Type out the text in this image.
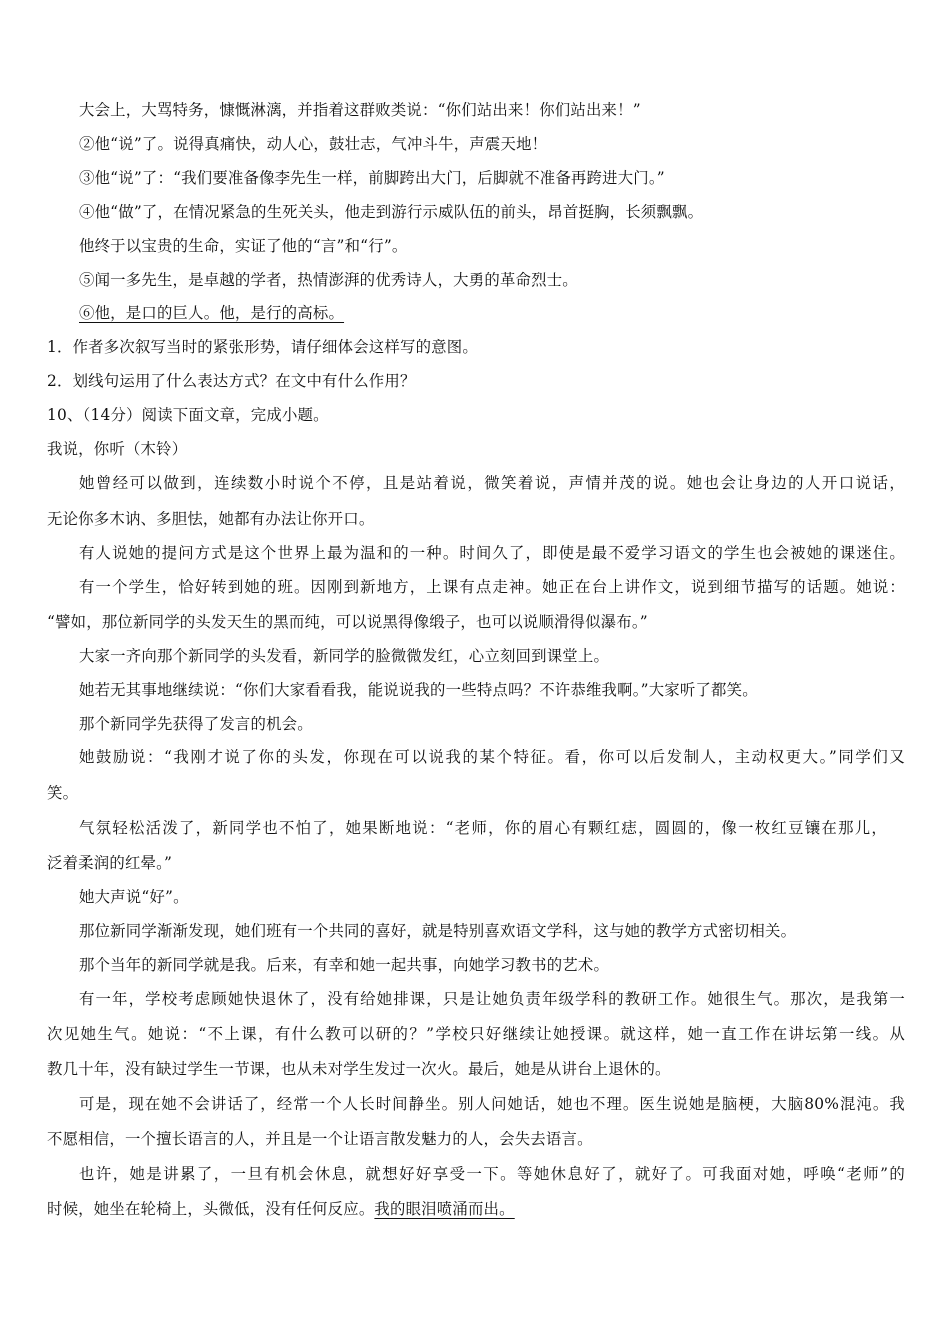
大会上，大骂特务，慷慨淋漓，并指着这群败类说：“你们站出来！你们站出来！”
②他“说”了。说得真痛快，动人心，鼓壮志，气冲斗牛，声震天地！
③他“说”了：“我们要准备像李先生一样，前脚跨出大门，后脚就不准备再跨进大门。”
④他“做”了，在情况紧急的生死关头，他走到游行示威队伍的前头，昂首挺胸，长须飘飘。
他终于以宝贵的生命，实证了他的“言”和“行”。
⑤闻一多先生，是卓越的学者，热情澎湃的优秀诗人，大勇的革命烈士。
⑥他，是口的巨人。他，是行的高标。
1．作者多次叙写当时的紧张形势，请仔细体会这样写的意图。
2．划线句运用了什么表达方式？在文中有什么作用？
10、（14分）阅读下面文章，完成小题。
我说，你听（木铃）
她曾经可以做到，连续数小时说个不停，且是站着说，微笑着说，声情并茂的说。她也会让身边的人开口说话，
无论你多木讷、多胆怯，她都有办法让你开口。
有人说她的提问方式是这个世界上最为温和的一种。时间久了，即使是最不爱学习语文的学生也会被她的课迷住。
有一个学生，恰好转到她的班。因刚到新地方，上课有点走神。她正在台上讲作文，说到细节描写的话题。她说：
“譬如，那位新同学的头发天生的黑而纯，可以说黑得像缎子，也可以说顺滑得似瀑布。”
大家一齐向那个新同学的头发看，新同学的脸微微发红，心立刻回到课堂上。
她若无其事地继续说：“你们大家看看我，能说说我的一些特点吗？不许恭维我啊。”大家听了都笑。
那个新同学先获得了发言的机会。
她鼓励说：“我刚才说了你的头发，你现在可以说我的某个特征。看，你可以后发制人，主动权更大。”同学们又
笑。
气氛轻松活泼了，新同学也不怕了，她果断地说：“老师，你的眉心有颗红痣，圆圆的，像一枚红豆镶在那儿，
泛着柔润的红晕。”
她大声说“好”。
那位新同学渐渐发现，她们班有一个共同的喜好，就是特别喜欢语文学科，这与她的教学方式密切相关。
那个当年的新同学就是我。后来，有幸和她一起共事，向她学习教书的艺术。
有一年，学校考虑顾她快退休了，没有给她排课，只是让她负责年级学科的教研工作。她很生气。那次，是我第一
次见她生气。她说：“不上课，有什么教可以研的？”学校只好继续让她授课。就这样，她一直工作在讲坛第一线。从
教几十年，没有缺过学生一节课，也从未对学生发过一次火。最后，她是从讲台上退休的。
可是，现在她不会讲话了，经常一个人长时间静坐。别人问她话，她也不理。医生说她是脑梗，大脑80%混沌。我
不愿相信，一个擅长语言的人，并且是一个让语言散发魅力的人，会失去语言。
也许，她是讲累了，一旦有机会休息，就想好好享受一下。等她休息好了，就好了。可我面对她，呼唤“老师”的
时候，她坐在轮椅上，头微低，没有任何反应。我的眼泪喷涌而出。
